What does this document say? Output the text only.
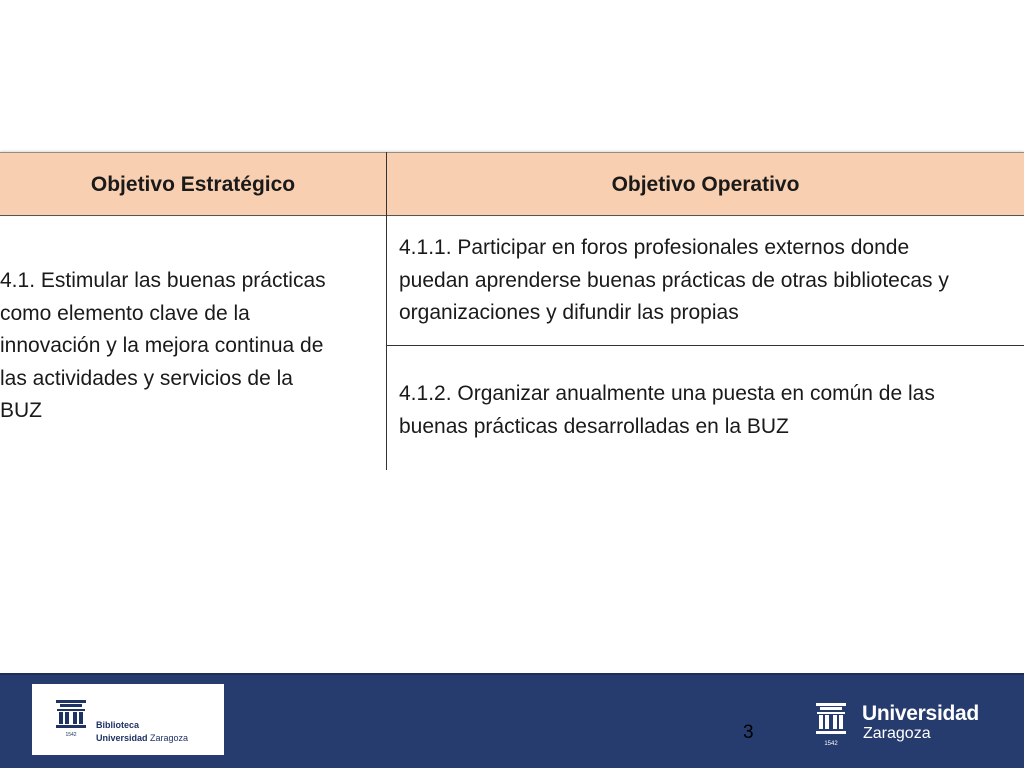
Objetivo Estratégico	Objetivo Operativo
4.1. Estimular las buenas prácticas
como elemento clave de la
innovación y la mejora continua de
las actividades y servicios de la
BUZ
4.1.1. Participar en foros profesionales externos donde
puedan aprenderse buenas prácticas de otras bibliotecas y
organizaciones y difundir las propias
4.1.2. Organizar anualmente una puesta en común de las
buenas prácticas desarrolladas en la BUZ
1542
Biblioteca
Universidad Zaragoza	3
1542
Universidad
Zaragoza
